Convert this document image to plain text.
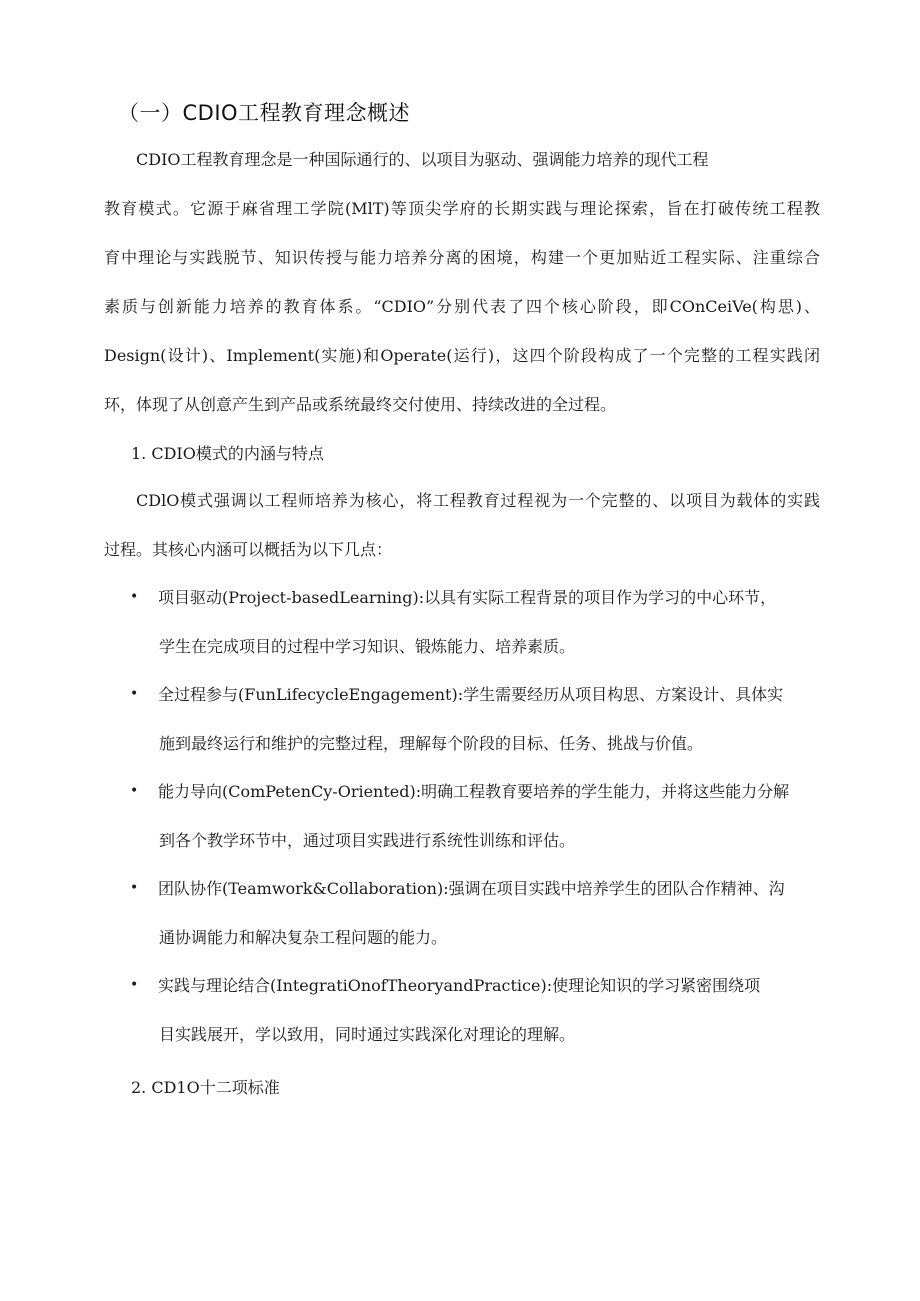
（一）CDIO工程教育理念概述

CDIO工程教育理念是一种国际通行的、以项目为驱动、强调能力培养的现代工程
教育模式。它源于麻省理工学院(MlT)等顶尖学府的长期实践与理论探索，旨在打破传统工程教
育中理论与实践脱节、知识传授与能力培养分离的困境，构建一个更加贴近工程实际、注重综合
素质与创新能力培养的教育体系。“CDIO”分别代表了四个核心阶段，即COnCeiVe(构思)、
Design(设计)、Implement(实施)和Operate(运行)，这四个阶段构成了一个完整的工程实践闭
环，体现了从创意产生到产品或系统最终交付使用、持续改进的全过程。

1. CDIO模式的内涵与特点

CDlO模式强调以工程师培养为核心，将工程教育过程视为一个完整的、以项目为载体的实践
过程。其核心内涵可以概括为以下几点：

• 项目驱动(Project-basedLearning):以具有实际工程背景的项目作为学习的中心环节，
学生在完成项目的过程中学习知识、锻炼能力、培养素质。
• 全过程参与(FunLifecycleEngagement):学生需要经历从项目构思、方案设计、具体实
施到最终运行和维护的完整过程，理解每个阶段的目标、任务、挑战与价值。
• 能力导向(ComPetenCy-Oriented):明确工程教育要培养的学生能力，并将这些能力分解
到各个教学环节中，通过项目实践进行系统性训练和评估。
• 团队协作(Teamwork&Collaboration):强调在项目实践中培养学生的团队合作精神、沟
通协调能力和解决复杂工程问题的能力。
• 实践与理论结合(IntegratiOnofTheoryandPractice):使理论知识的学习紧密围绕项
目实践展开，学以致用，同时通过实践深化对理论的理解。
2. CD1O十二项标准
